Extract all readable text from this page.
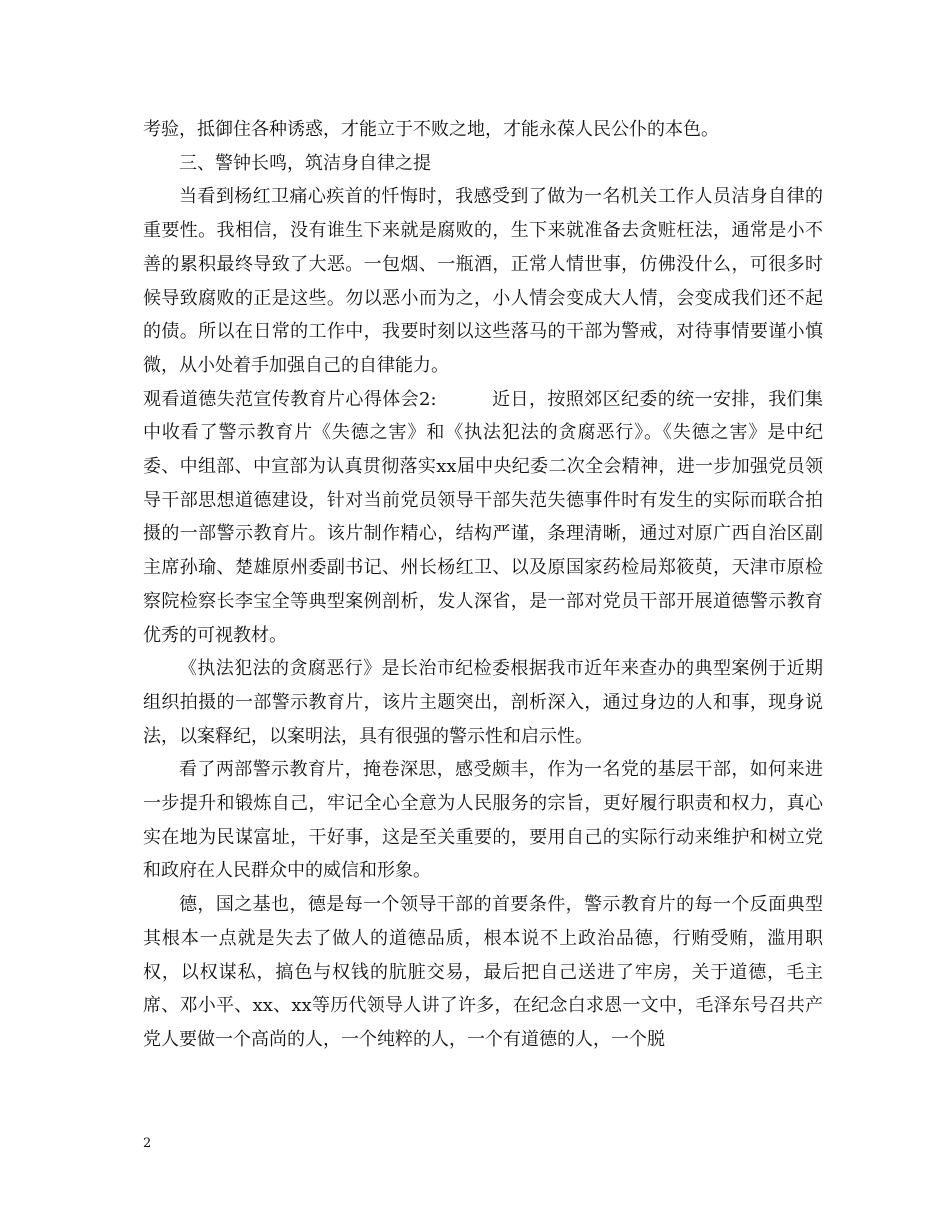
考验，抵御住各种诱惑，才能立于不败之地，才能永葆人民公仆的本色。

三、警钟长鸣，筑洁身自律之提

当看到杨红卫痛心疾首的忏悔时，我感受到了做为一名机关工作人员洁身自律的重要性。我相信，没有谁生下来就是腐败的，生下来就准备去贪赃枉法，通常是小不善的累积最终导致了大恶。一包烟、一瓶酒，正常人情世事，仿佛没什么，可很多时候导致腐败的正是这些。勿以恶小而为之，小人情会变成大人情，会变成我们还不起的债。所以在日常的工作中，我要时刻以这些落马的干部为警戒，对待事情要谨小慎微，从小处着手加强自己的自律能力。

观看道德失范宣传教育片心得体会2:　　　近日，按照郊区纪委的统一安排，我们集中收看了警示教育片《失德之害》和《执法犯法的贪腐恶行》。《失德之害》是中纪委、中组部、中宣部为认真贯彻落实xx届中央纪委二次全会精神，进一步加强党员领导干部思想道德建设，针对当前党员领导干部失范失德事件时有发生的实际而联合拍摄的一部警示教育片。该片制作精心，结构严谨，条理清晰，通过对原广西自治区副主席孙瑜、楚雄原州委副书记、州长杨红卫、以及原国家药检局郑筱萸，天津市原检察院检察长李宝全等典型案例剖析，发人深省，是一部对党员干部开展道德警示教育优秀的可视教材。

《执法犯法的贪腐恶行》是长治市纪检委根据我市近年来查办的典型案例于近期组织拍摄的一部警示教育片，该片主题突出，剖析深入，通过身边的人和事，现身说法，以案释纪，以案明法，具有很强的警示性和启示性。

看了两部警示教育片，掩卷深思，感受颇丰，作为一名党的基层干部，如何来进一步提升和锻炼自己，牢记全心全意为人民服务的宗旨，更好履行职责和权力，真心实在地为民谋富址，干好事，这是至关重要的，要用自己的实际行动来维护和树立党和政府在人民群众中的威信和形象。

德，国之基也，德是每一个领导干部的首要条件，警示教育片的每一个反面典型其根本一点就是失去了做人的道德品质，根本说不上政治品德，行贿受贿，滥用职权，以权谋私，搞色与权钱的肮脏交易，最后把自己送进了牢房，关于道德，毛主席、邓小平、xx、xx等历代领导人讲了许多，在纪念白求恩一文中，毛泽东号召共产党人要做一个高尚的人，一个纯粹的人，一个有道德的人，一个脱

2
